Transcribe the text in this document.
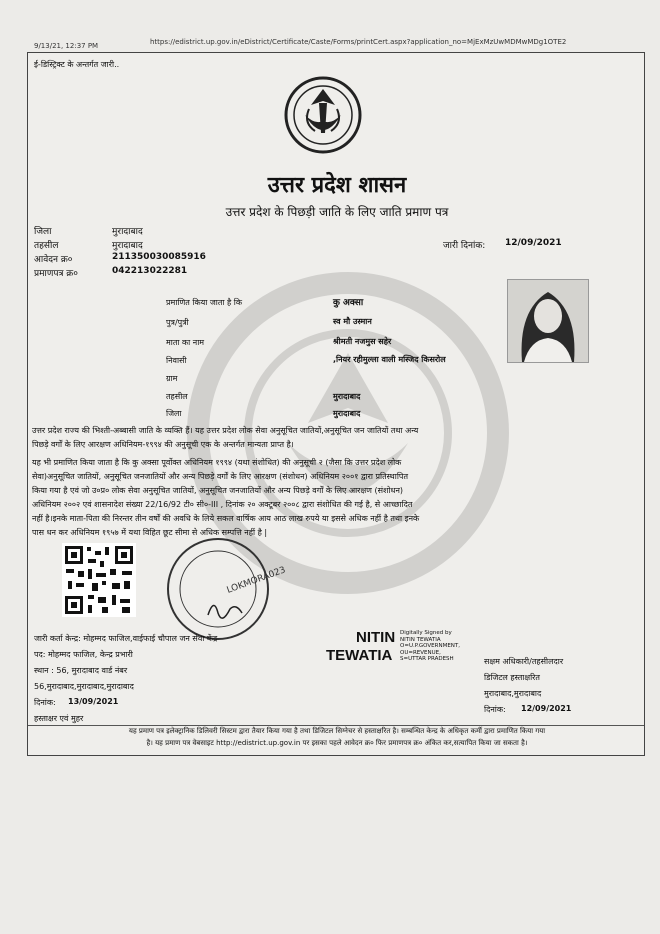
9/13/21, 12:37 PM	https://edistrict.up.gov.in/eDistrict/Certificate/Caste/Forms/printCert.aspx?application_no=MjExMzUwMDMwMDg1OTE2
ई-डिस्ट्रिक्ट के अन्तर्गत जारी..
उत्तर प्रदेश शासन
उत्तर प्रदेश के पिछड़ी जाति के लिए जाति प्रमाण पत्र
जिला	मुरादाबाद
तहसील	मुरादाबाद
आवेदन क्र०	211350030085916
प्रमाणपत्र क्र०	042213022281
जारी दिनांक: 12/09/2021
प्रमाणित किया जाता है कि	कु अक्सा
पुत्र/पुत्री	स्व मौ उस्मान
माता का नाम	श्रीमती नजमुस सहेर
निवासी	,नियर रहीमुल्ला वाली मस्जिद किसरोल
ग्राम
तहसील	मुरादाबाद
जिला	मुरादाबाद
उत्तर प्रदेश राज्य की भिश्ती-अब्बासी जाति के व्यक्ति हैं। यह उत्तर प्रदेश लोक सेवा अनुसूचित जातियों,अनुसूचित जन जातियों तथा अन्य
पिछड़े वर्गों के लिए आरक्षण अधिनियम-१९९४ की अनुसूची एक के अन्तर्गत मान्यता प्राप्त है।
यह भी प्रमाणित किया जाता है कि कु अक्सा पूर्वोक्त अधिनियम १९९४ (यथा संशोधित) की अनुसूची २ (जैसा कि उत्तर प्रदेश लोक
सेवा)अनुसूचित जातियों, अनुसूचित जनजातियों और अन्य पिछड़े वर्गों के लिए आरक्षण (संशोधन) अधिनियम २००१ द्वारा प्रतिस्थापित
किया गया है एवं जो उ०प्र० लोक सेवा अनुसूचित जातियों, अनुसूचित जनजातियों और अन्य पिछड़े वर्गों के लिए आरक्षण (संशोधन)
अधिनियम २००२ एवं शासनादेश संख्या 22/16/92 टी० सी०-III , दिनांक २० अक्टूबर २००८ द्वारा संशोधित की गई है, से आच्छादित
नहीं है।इनके माता-पिता की निरन्तर तीन वर्षों की अवधि के लिये सकल वार्षिक आय आठ लाख रुपये या इससे अधिक नहीं है तथा इनके
पास धन कर अधिनियम १९५७ में यथा विहित छूट सीमा से अधिक सम्पत्ति नहीं है |
LOKMORA023
जारी कर्ता केन्द्र: मोहम्मद फाजिल,वाईफाई चौपाल जन सेवा केंद्र
पद: मोहम्मद फाजिल, केन्द्र प्रभारी
स्थान : 56, मुरादाबाद वार्ड नंबर
56,मुरादाबाद,मुरादाबाद,मुरादाबाद
दिनांक: 13/09/2021
हस्ताक्षर एवं मुहर
NITIN
TEWATIA
Digitally Signed by
NITIN TEWATIA
O=U.P.GOVERNMENT,
OU=REVENUE,
S=UTTAR PRADESH	सक्षम अधिकारी/तहसीलदार
डिजिटल हस्ताक्षरित
मुरादाबाद,मुरादाबाद
दिनांक: 12/09/2021
यह प्रमाण पत्र इलेक्ट्रानिक डिलिवरी सिस्टम द्वारा तैयार किया गया है तथा डिजिटल सिग्नेचर से हस्ताक्षरित है। सम्बन्धित केन्द्र के अधिकृत कर्मी द्वारा प्रमाणित किया गया
है। यह प्रमाण पत्र वेबसाइट http://edistrict.up.gov.in पर इसका पहले आवेदन क्र० फिर प्रमाणपत्र क्र० अंकित कर,सत्यापित किया जा सकता है।
